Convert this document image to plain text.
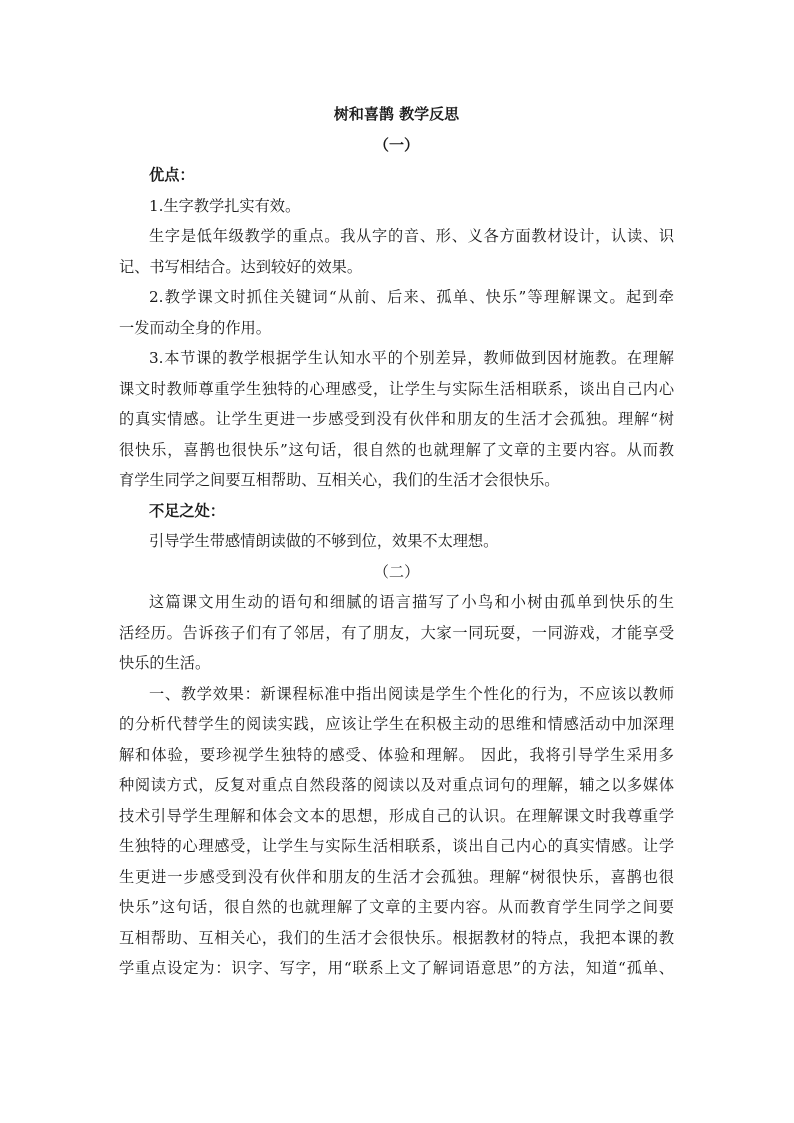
树和喜鹊 教学反思
（一）
优点：
1.生字教学扎实有效。
生字是低年级教学的重点。我从字的音、形、义各方面教材设计，认读、识
记、书写相结合。达到较好的效果。
2.教学课文时抓住关键词“从前、后来、孤单、快乐”等理解课文。起到牵
一发而动全身的作用。
3.本节课的教学根据学生认知水平的个别差异，教师做到因材施教。在理解
课文时教师尊重学生独特的心理感受，让学生与实际生活相联系，谈出自己内心
的真实情感。让学生更进一步感受到没有伙伴和朋友的生活才会孤独。理解“树
很快乐，喜鹊也很快乐”这句话，很自然的也就理解了文章的主要内容。从而教
育学生同学之间要互相帮助、互相关心，我们的生活才会很快乐。
不足之处：
引导学生带感情朗读做的不够到位，效果不太理想。
（二）
这篇课文用生动的语句和细腻的语言描写了小鸟和小树由孤单到快乐的生
活经历。告诉孩子们有了邻居，有了朋友，大家一同玩耍，一同游戏，才能享受
快乐的生活。
一、教学效果：新课程标准中指出阅读是学生个性化的行为，不应该以教师
的分析代替学生的阅读实践，应该让学生在积极主动的思维和情感活动中加深理
解和体验，要珍视学生独特的感受、体验和理解。 因此，我将引导学生采用多
种阅读方式，反复对重点自然段落的阅读以及对重点词句的理解，辅之以多媒体
技术引导学生理解和体会文本的思想，形成自己的认识。在理解课文时我尊重学
生独特的心理感受，让学生与实际生活相联系，谈出自己内心的真实情感。让学
生更进一步感受到没有伙伴和朋友的生活才会孤独。理解“树很快乐，喜鹊也很
快乐”这句话，很自然的也就理解了文章的主要内容。从而教育学生同学之间要
互相帮助、互相关心，我们的生活才会很快乐。根据教材的特点，我把本课的教
学重点设定为：识字、写字，用“联系上文了解词语意思”的方法，知道“孤单、
